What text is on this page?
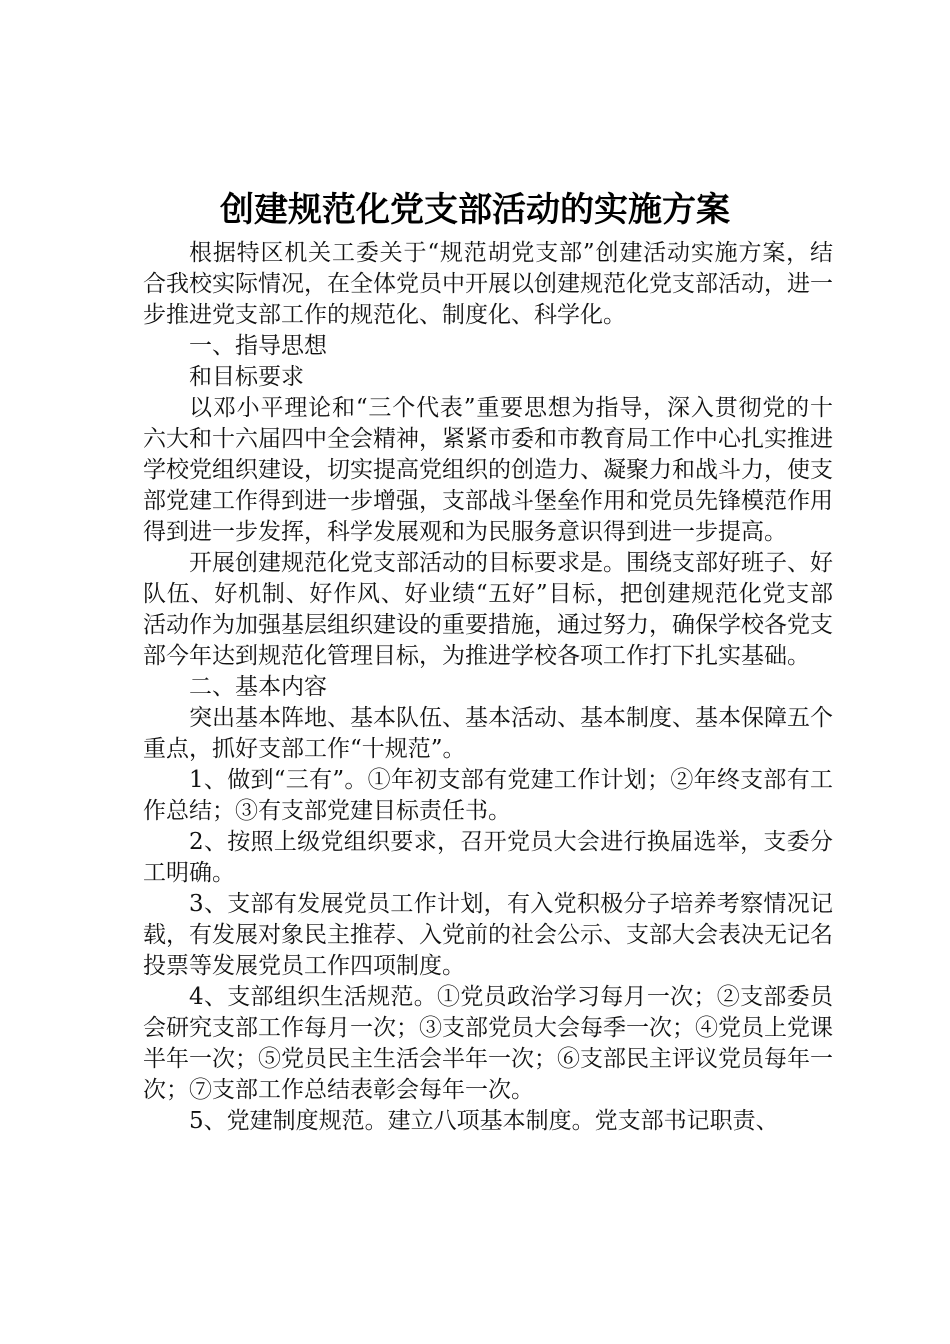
创建规范化党支部活动的实施方案

根据特区机关工委关于“规范胡党支部”创建活动实施方案，结合我校实际情况，在全体党员中开展以创建规范化党支部活动，进一步推进党支部工作的规范化、制度化、科学化。

一、指导思想

和目标要求

以邓小平理论和“三个代表”重要思想为指导，深入贯彻党的十六大和十六届四中全会精神，紧紧市委和市教育局工作中心扎实推进学校党组织建设，切实提高党组织的创造力、凝聚力和战斗力，使支部党建工作得到进一步增强，支部战斗堡垒作用和党员先锋模范作用得到进一步发挥，科学发展观和为民服务意识得到进一步提高。

开展创建规范化党支部活动的目标要求是。围绕支部好班子、好队伍、好机制、好作风、好业绩“五好”目标，把创建规范化党支部活动作为加强基层组织建设的重要措施，通过努力，确保学校各党支部今年达到规范化管理目标，为推进学校各项工作打下扎实基础。

二、基本内容

突出基本阵地、基本队伍、基本活动、基本制度、基本保障五个重点，抓好支部工作“十规范”。

1、做到“三有”。①年初支部有党建工作计划；②年终支部有工作总结；③有支部党建目标责任书。

2、按照上级党组织要求，召开党员大会进行换届选举，支委分工明确。

3、支部有发展党员工作计划，有入党积极分子培养考察情况记载，有发展对象民主推荐、入党前的社会公示、支部大会表决无记名投票等发展党员工作四项制度。

4、支部组织生活规范。①党员政治学习每月一次；②支部委员会研究支部工作每月一次；③支部党员大会每季一次；④党员上党课半年一次；⑤党员民主生活会半年一次；⑥支部民主评议党员每年一次；⑦支部工作总结表彰会每年一次。

5、党建制度规范。建立八项基本制度。党支部书记职责、
